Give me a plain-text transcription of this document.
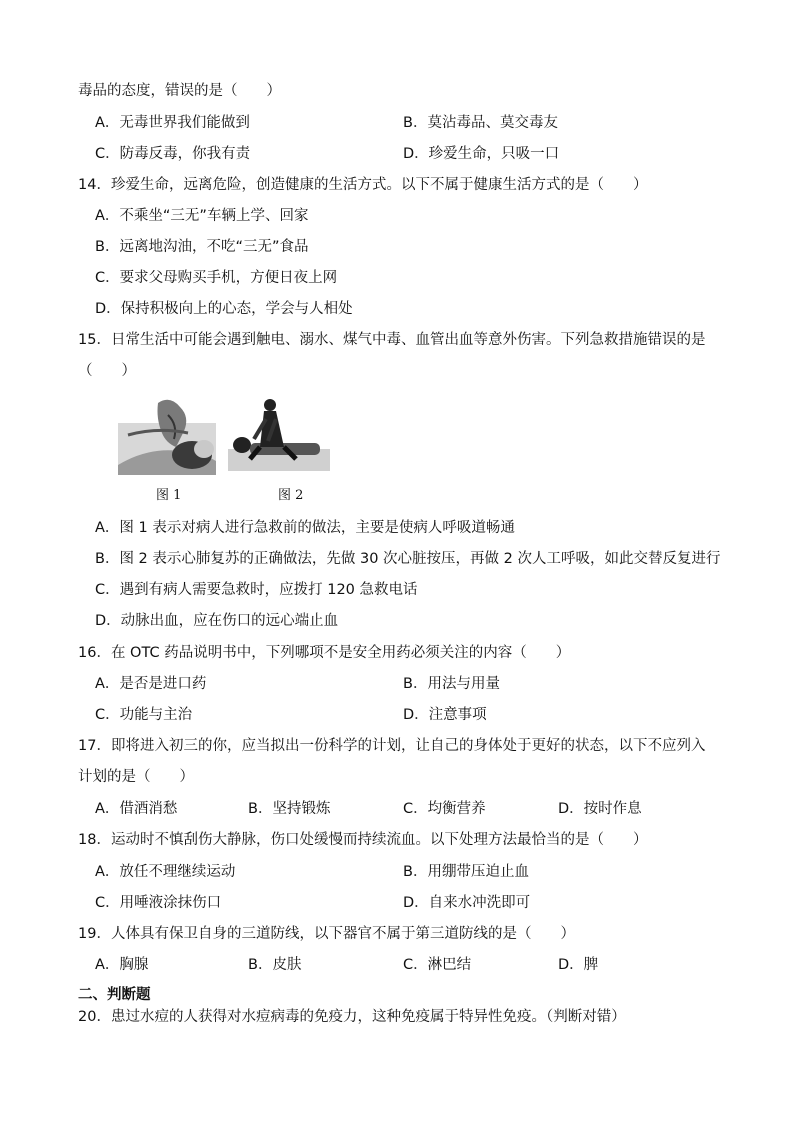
毒品的态度，错误的是（　　）
A．无毒世界我们能做到	B．莫沾毒品、莫交毒友
C．防毒反毒，你我有责	D．珍爱生命，只吸一口
14．珍爱生命，远离危险，创造健康的生活方式。以下不属于健康生活方式的是（　　）
A．不乘坐“三无”车辆上学、回家
B．远离地沟油，不吃“三无”食品
C．要求父母购买手机，方便日夜上网
D．保持积极向上的心态，学会与人相处
15．日常生活中可能会遇到触电、溺水、煤气中毒、血管出血等意外伤害。下列急救措施错误的是
（　　）
图 1	图 2
A．图 1 表示对病人进行急救前的做法，主要是使病人呼吸道畅通
B．图 2 表示心肺复苏的正确做法，先做 30 次心脏按压，再做 2 次人工呼吸，如此交替反复进行
C．遇到有病人需要急救时，应拨打 120 急救电话
D．动脉出血，应在伤口的远心端止血
16．在 OTC 药品说明书中，下列哪项不是安全用药必须关注的内容（　　）
A．是否是进口药	B．用法与用量
C．功能与主治	D．注意事项
17．即将进入初三的你，应当拟出一份科学的计划，让自己的身体处于更好的状态，以下不应列入
计划的是（　　）
A．借酒消愁	B．坚持锻炼	C．均衡营养	D．按时作息
18．运动时不慎刮伤大静脉，伤口处缓慢而持续流血。以下处理方法最恰当的是（　　）
A．放任不理继续运动	B．用绷带压迫止血
C．用唾液涂抹伤口	D．自来水冲洗即可
19．人体具有保卫自身的三道防线，以下器官不属于第三道防线的是（　　）
A．胸腺	B．皮肤	C．淋巴结	D．脾
二、判断题
20．患过水痘的人获得对水痘病毒的免疫力，这种免疫属于特异性免疫。（判断对错）
